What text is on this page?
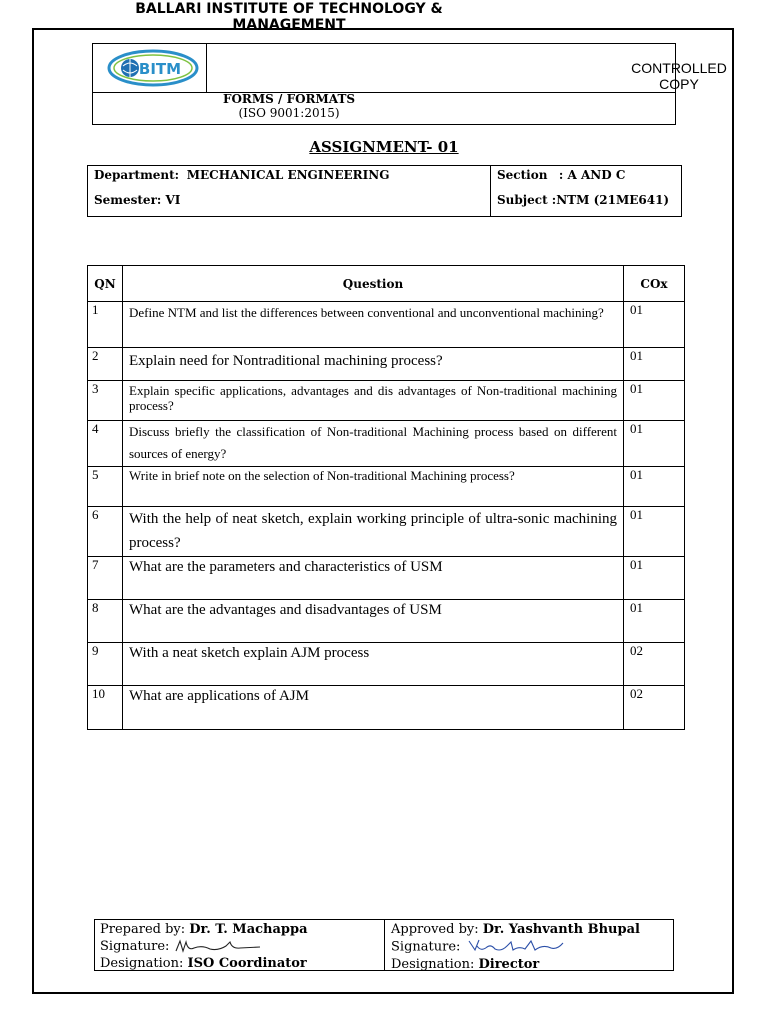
BITM
BALLARI INSTITUTE OF TECHNOLOGY &
MANAGEMENT
CONTROLLED
COPY
FORMS / FORMATS
(ISO 9001:2015)
ASSIGNMENT- 01
Department: MECHANICAL ENGINEERING	Section : A AND C
Semester: VI	Subject :NTM (21ME641)
QN	Question	COx
1	Define NTM and list the differences between conventional and unconventional machining?	01
2	Explain need for Nontraditional machining process?	01
3	Explain specific applications, advantages and dis advantages of Non-traditional machining process?	01
4	Discuss briefly the classification of Non-traditional Machining process based on different sources of energy?	01
5	Write in brief note on the selection of Non-traditional Machining process?	01
6	With the help of neat sketch, explain working principle of ultra-sonic machining process?	01
7	What are the parameters and characteristics of USM	01
8	What are the advantages and disadvantages of USM	01
9	With a neat sketch explain AJM process	02
10	What are applications of AJM	02
Prepared by: Dr. T. Machappa
Signature:
Designation: ISO Coordinator
Approved by: Dr. Yashvanth Bhupal
Signature:
Designation: Director
